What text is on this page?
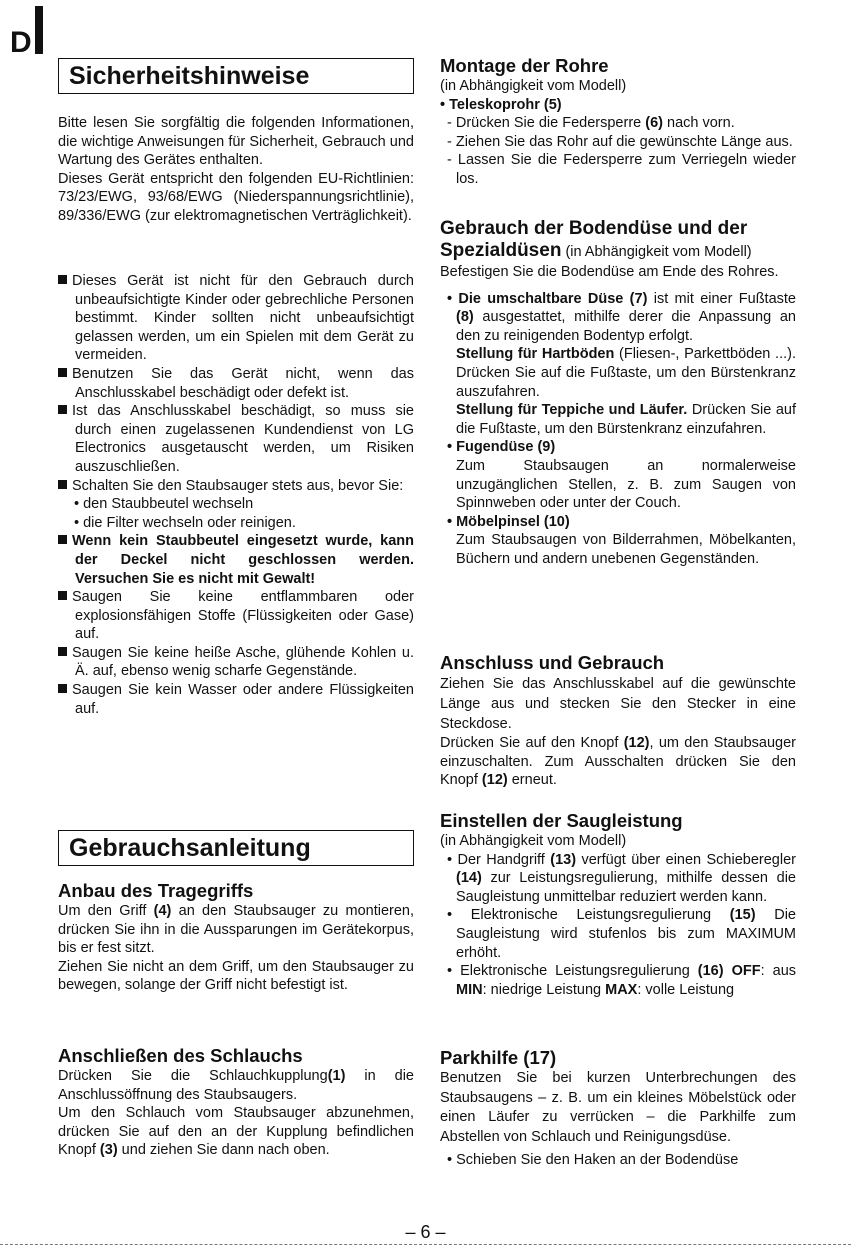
D
Sicherheitshinweise

Bitte lesen Sie sorgfältig die folgenden Informationen, die wichtige Anweisungen für Sicherheit, Gebrauch und Wartung des Gerätes enthalten.

Dieses Gerät entspricht den folgenden EU-Richtlinien: 73/23/EWG, 93/68/EWG (Niederspannungsrichtlinie), 89/336/EWG (zur elektromagnetischen Verträglichkeit).

Dieses Gerät ist nicht für den Gebrauch durch unbeaufsichtigte Kinder oder gebrechliche Personen bestimmt. Kinder sollten nicht unbeaufsichtigt gelassen werden, um ein Spielen mit dem Gerät zu vermeiden.

Benutzen Sie das Gerät nicht, wenn das Anschlusskabel beschädigt oder defekt ist.

Ist das Anschlusskabel beschädigt, so muss sie durch einen zugelassenen Kundendienst von LG Electronics ausgetauscht werden, um Risiken auszuschließen.

Schalten Sie den Staubsauger stets aus, bevor Sie:

• den Staubbeutel wechseln

• die Filter wechseln oder reinigen.

Wenn kein Staubbeutel eingesetzt wurde, kann der Deckel nicht geschlossen werden. Versuchen Sie es nicht mit Gewalt!

Saugen Sie keine entflammbaren oder explosionsfähigen Stoffe (Flüssigkeiten oder Gase) auf.

Saugen Sie keine heiße Asche, glühende Kohlen u. Ä. auf, ebenso wenig scharfe Gegenstände.

Saugen Sie kein Wasser oder andere Flüssigkeiten auf.

Gebrauchsanleitung
Anbau des Tragegriffs

Um den Griff (4) an den Staubsauger zu montieren, drücken Sie ihn in die Aussparungen im Gerätekorpus, bis er fest sitzt.

Ziehen Sie nicht an dem Griff, um den Staubsauger zu bewegen, solange der Griff nicht befestigt ist.

Anschließen des Schlauchs

Drücken Sie die Schlauchkupplung(1) in die Anschlussöffnung des Staubsaugers.

Um den Schlauch vom Staubsauger abzunehmen, drücken Sie auf den an der Kupplung befindlichen Knopf (3) und ziehen Sie dann nach oben.

Montage der Rohre

(in Abhängigkeit vom Modell)

• Teleskoprohr (5)

- Drücken Sie die Federsperre (6) nach vorn.

- Ziehen Sie das Rohr auf die gewünschte Länge aus.

- Lassen Sie die Federsperre zum Verriegeln wieder los.

Gebrauch der Bodendüse und der Spezialdüsen (in Abhängigkeit vom Modell)

Befestigen Sie die Bodendüse am Ende des Rohres.

• Die umschaltbare Düse (7) ist mit einer Fußtaste (8) ausgestattet, mithilfe derer die Anpassung an den zu reinigenden Bodentyp erfolgt.

Stellung für Hartböden (Fliesen-, Parkettböden ...). Drücken Sie auf die Fußtaste, um den Bürstenkranz auszufahren.

Stellung für Teppiche und Läufer. Drücken Sie auf die Fußtaste, um den Bürstenkranz einzufahren.

• Fugendüse (9)

Zum Staubsaugen an normalerweise unzugänglichen Stellen, z. B. zum Saugen von Spinnweben oder unter der Couch.

• Möbelpinsel (10)

Zum Staubsaugen von Bilderrahmen, Möbelkanten, Büchern und andern unebenen Gegenständen.

Anschluss und Gebrauch

Ziehen Sie das Anschlusskabel auf die gewünschte Länge aus und stecken Sie den Stecker in eine Steckdose.

Drücken Sie auf den Knopf (12), um den Staubsauger einzuschalten. Zum Ausschalten drücken Sie den Knopf (12) erneut.

Einstellen der Saugleistung

(in Abhängigkeit vom Modell)

• Der Handgriff (13) verfügt über einen Schieberegler (14) zur Leistungsregulierung, mithilfe dessen die Saugleistung unmittelbar reduziert werden kann.

• Elektronische Leistungsregulierung (15) Die Saugleistung wird stufenlos bis zum MAXIMUM erhöht.

• Elektronische Leistungsregulierung (16) OFF: aus MIN: niedrige Leistung MAX: volle Leistung

Parkhilfe (17)

Benutzen Sie bei kurzen Unterbrechungen des Staubsaugens – z. B. um ein kleines Möbelstück oder einen Läufer zu verrücken – die Parkhilfe zum Abstellen von Schlauch und Reinigungsdüse.

• Schieben Sie den Haken an der Bodendüse

– 6 –
